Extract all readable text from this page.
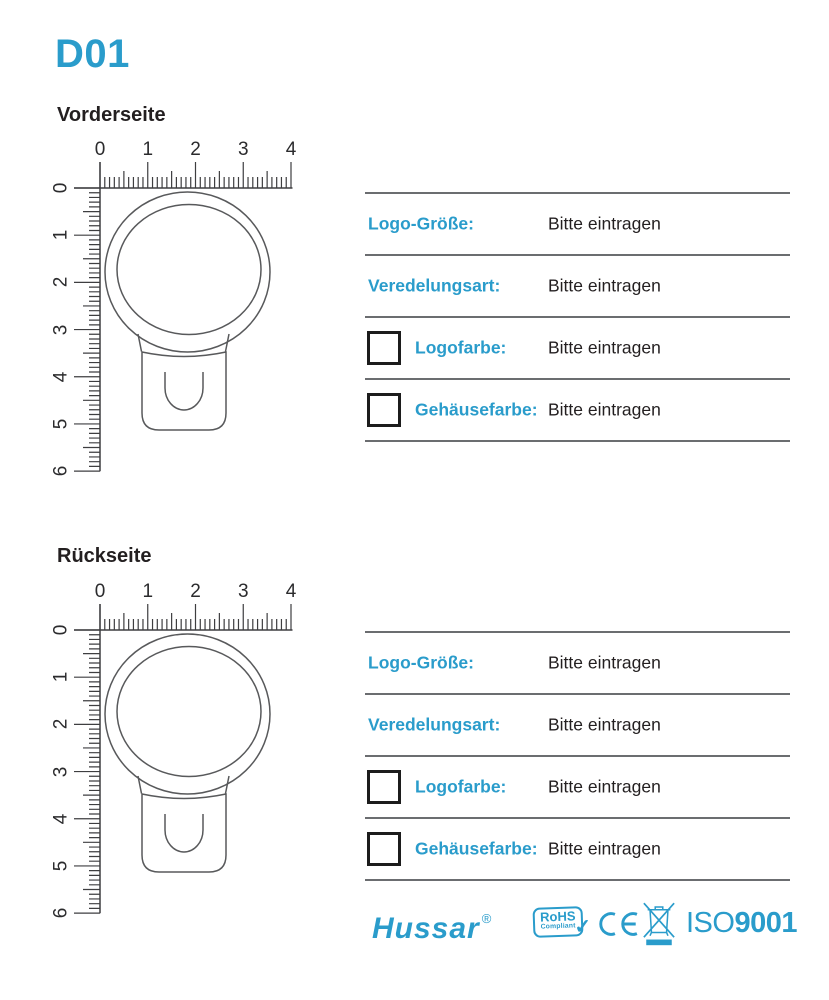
D01
Vorderseite
0 1 2 3 4
0
1
2
3
4
5
6
Logo-Größe:	Bitte eintragen
Veredelungsart:	Bitte eintragen
Logofarbe: Bitte eintragen
Gehäusefarbe: Bitte eintragen
Rückseite
0 1 2 3 4
0
1
2
3
4
5
6
Logo-Größe:	Bitte eintragen
Veredelungsart:	Bitte eintragen
Logofarbe: Bitte eintragen
Gehäusefarbe: Bitte eintragen
Hussar ®	RoHS
Compliant
✓	ISO9001
